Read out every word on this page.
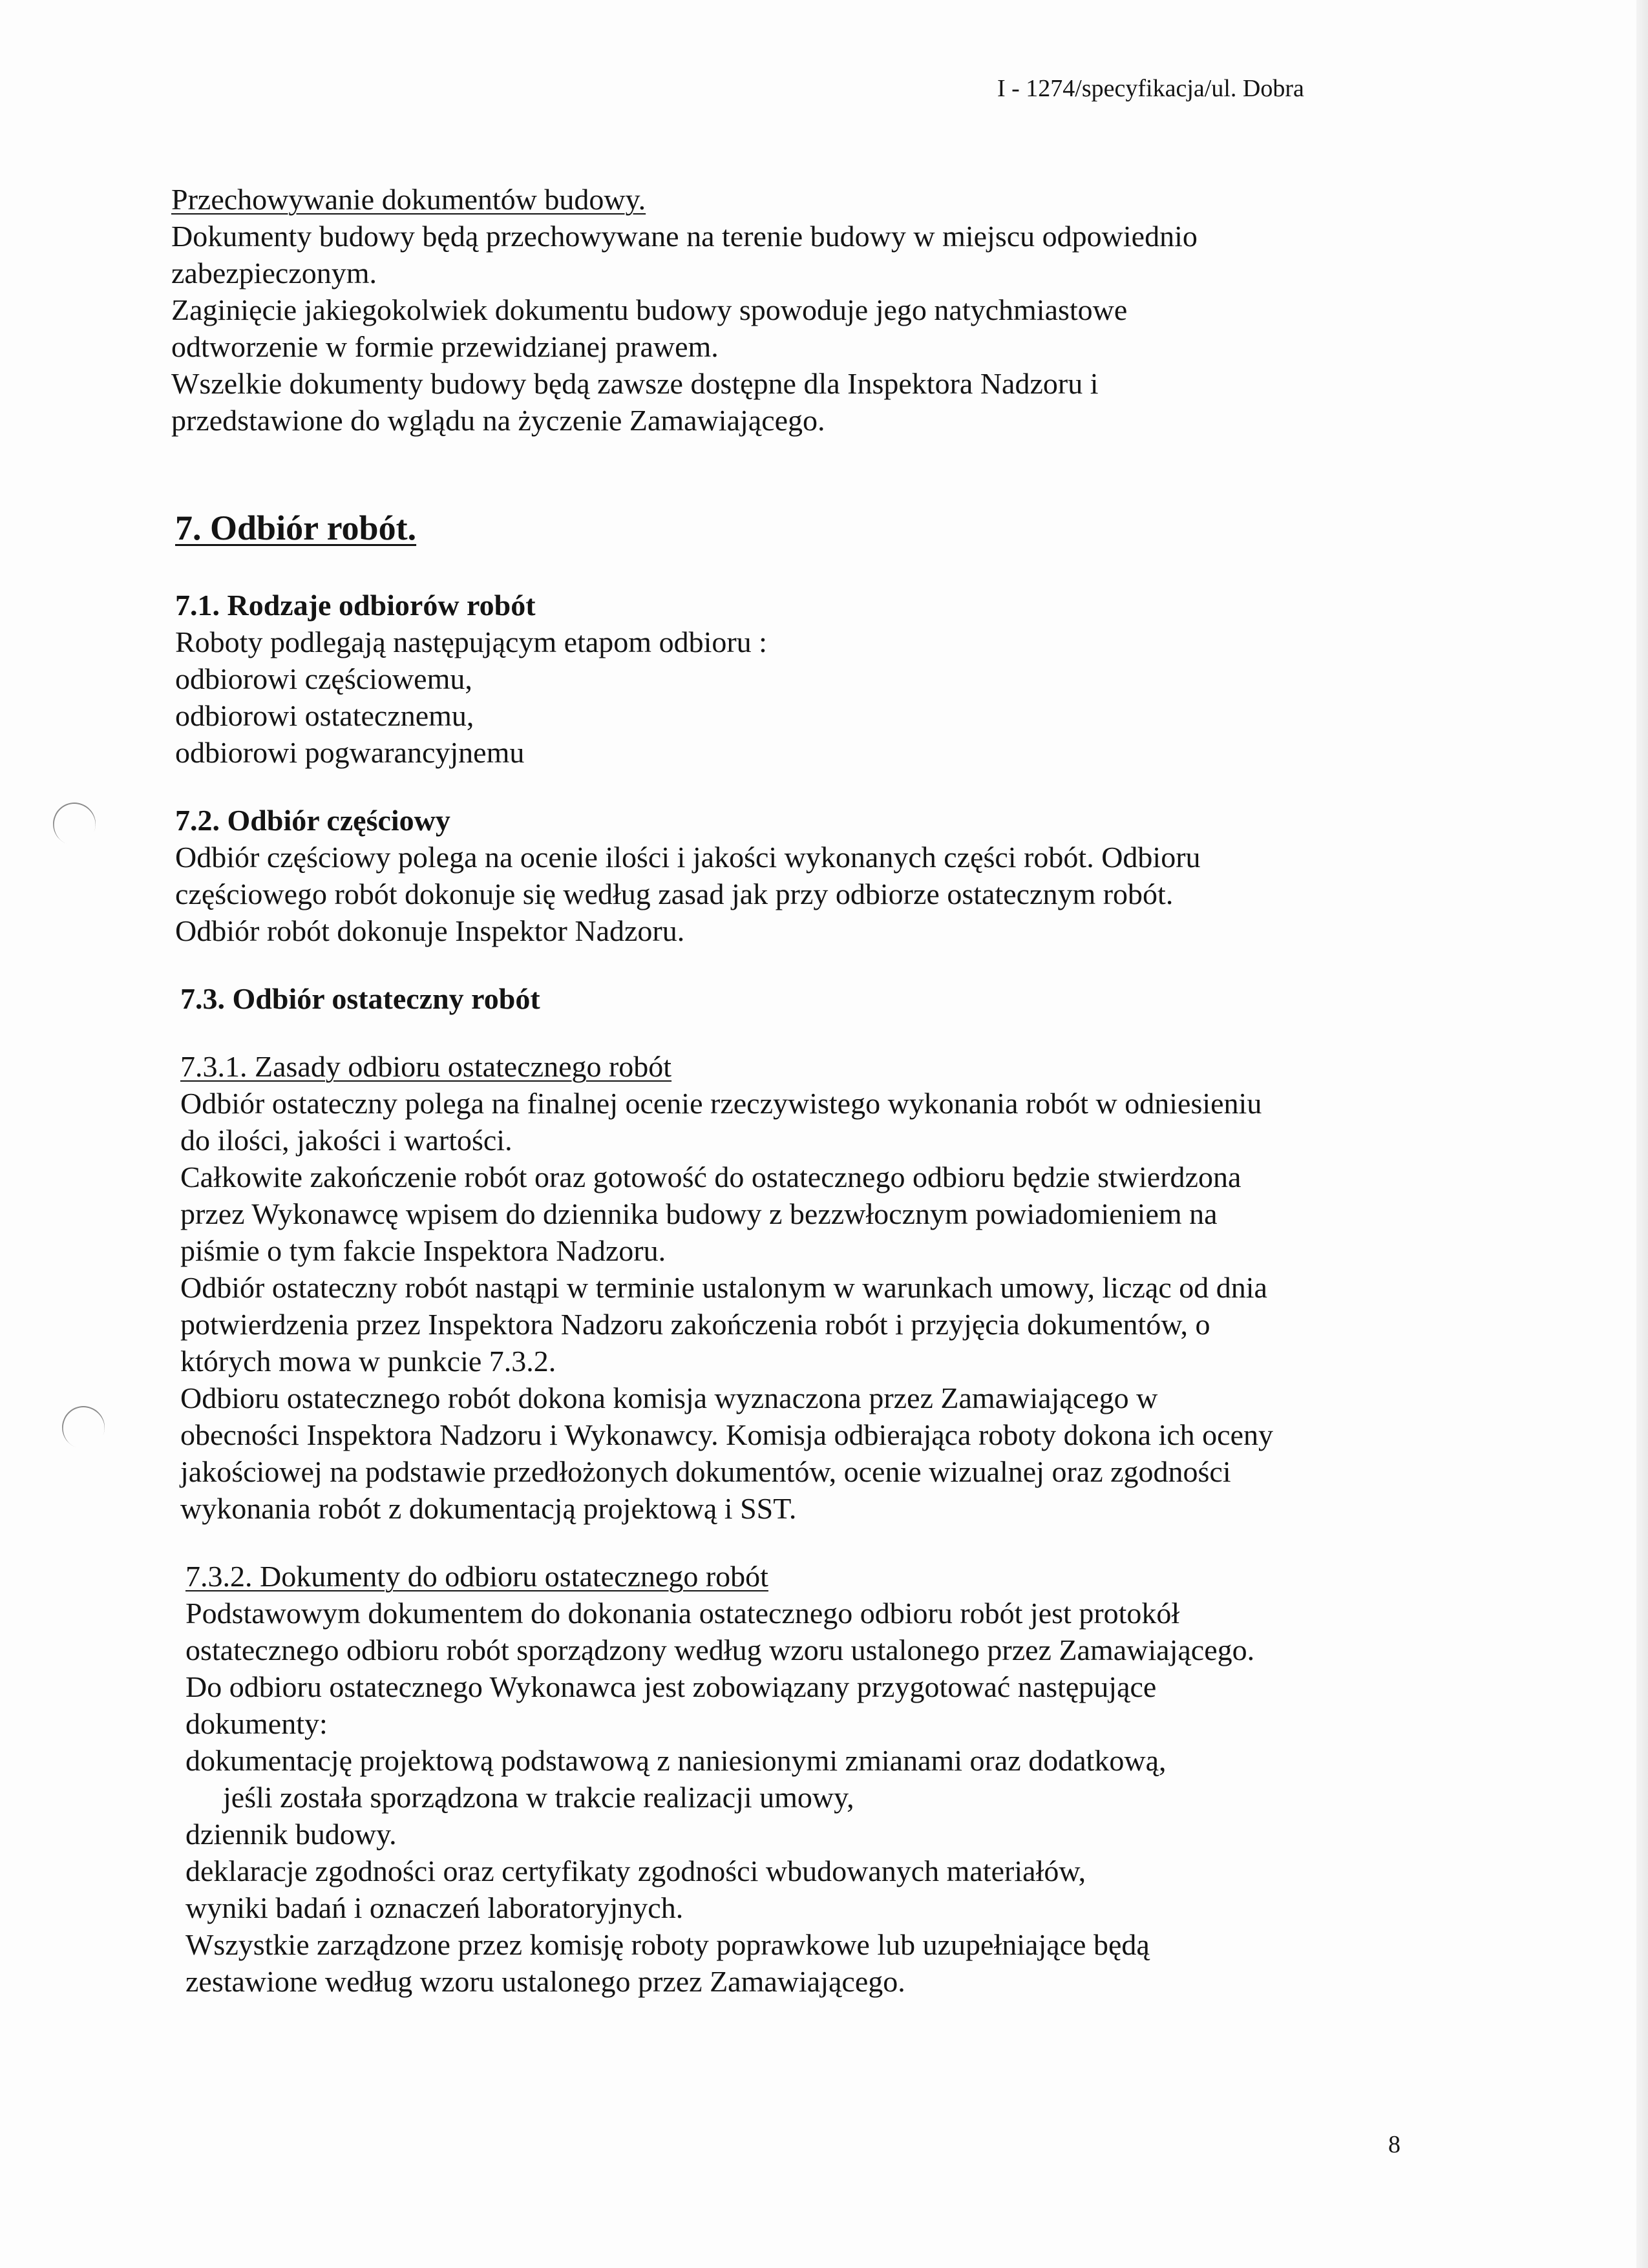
I - 1274/specyfikacja/ul. Dobra
Przechowywanie dokumentów budowy.
Dokumenty budowy będą przechowywane na terenie budowy w miejscu odpowiednio
zabezpieczonym.
Zaginięcie jakiegokolwiek dokumentu budowy spowoduje jego natychmiastowe
odtworzenie w formie przewidzianej prawem.
Wszelkie dokumenty budowy będą zawsze dostępne dla Inspektora Nadzoru i
przedstawione do wglądu na życzenie Zamawiającego.
7. Odbiór robót.
7.1. Rodzaje odbiorów robót
Roboty podlegają następującym etapom odbioru :
odbiorowi częściowemu,
odbiorowi ostatecznemu,
odbiorowi pogwarancyjnemu
7.2. Odbiór częściowy
Odbiór częściowy polega na ocenie ilości i jakości wykonanych części robót. Odbioru
częściowego robót dokonuje się według zasad jak przy odbiorze ostatecznym robót.
Odbiór robót dokonuje Inspektor Nadzoru.
7.3. Odbiór ostateczny robót
7.3.1. Zasady odbioru ostatecznego robót
Odbiór ostateczny polega na finalnej ocenie rzeczywistego wykonania robót w odniesieniu
do ilości, jakości i wartości.
Całkowite zakończenie robót oraz gotowość do ostatecznego odbioru będzie stwierdzona
przez Wykonawcę wpisem do dziennika budowy z bezzwłocznym powiadomieniem na
piśmie o tym fakcie Inspektora Nadzoru.
Odbiór ostateczny robót nastąpi w terminie ustalonym w warunkach umowy, licząc od dnia
potwierdzenia przez Inspektora Nadzoru zakończenia robót i przyjęcia dokumentów, o
których mowa w punkcie 7.3.2.
Odbioru ostatecznego robót dokona komisja wyznaczona przez Zamawiającego w
obecności Inspektora Nadzoru i Wykonawcy. Komisja odbierająca roboty dokona ich oceny
jakościowej na podstawie przedłożonych dokumentów, ocenie wizualnej oraz zgodności
wykonania robót z dokumentacją projektową i SST.
7.3.2. Dokumenty do odbioru ostatecznego robót
Podstawowym dokumentem do dokonania ostatecznego odbioru robót jest protokół
ostatecznego odbioru robót sporządzony według wzoru ustalonego przez Zamawiającego.
Do odbioru ostatecznego Wykonawca jest zobowiązany przygotować następujące
dokumenty:
dokumentację projektową podstawową z naniesionymi zmianami oraz dodatkową,
jeśli została sporządzona w trakcie realizacji umowy,
dziennik budowy.
deklaracje zgodności oraz certyfikaty zgodności wbudowanych materiałów,
wyniki badań i oznaczeń laboratoryjnych.
Wszystkie zarządzone przez komisję roboty poprawkowe lub uzupełniające będą
zestawione według wzoru ustalonego przez Zamawiającego.
8
